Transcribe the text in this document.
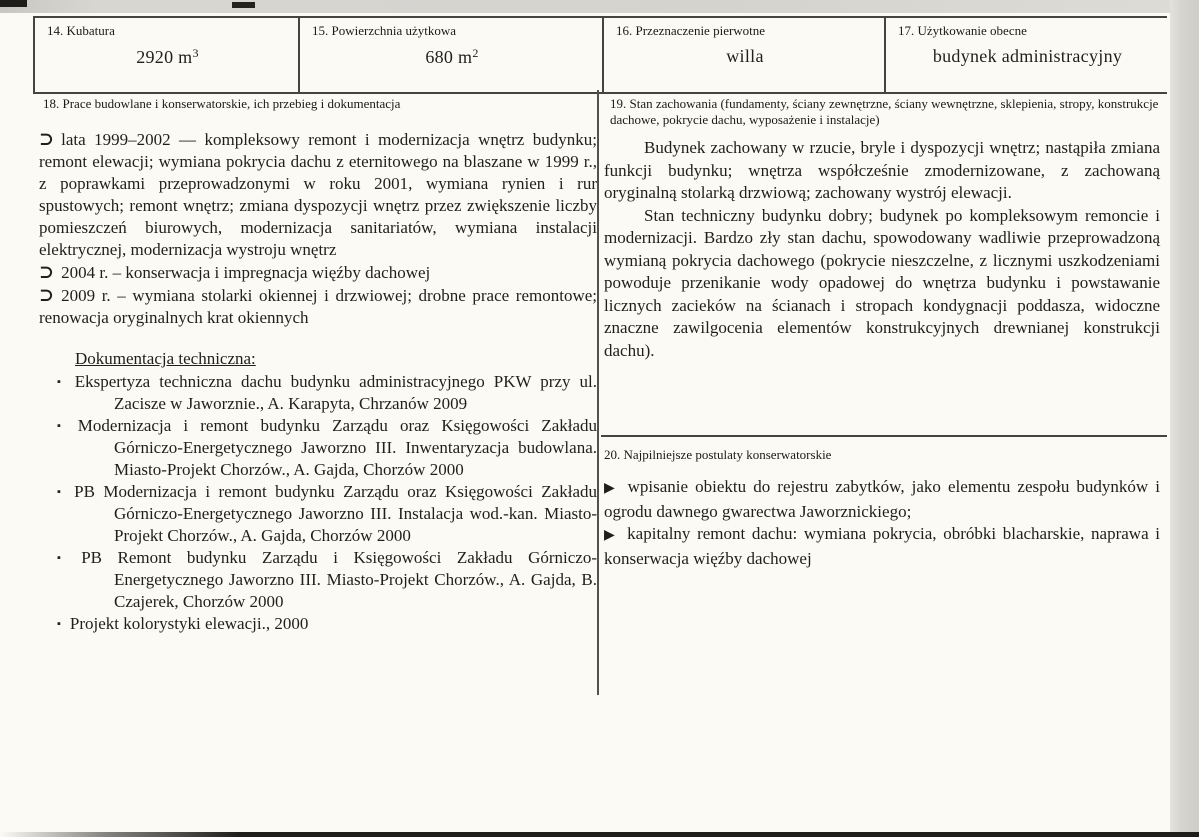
14. Kubatura
2920 $m^3$
15. Powierzchnia użytkowa
680 $m^2$
16. Przeznaczenie pierwotne
willa
17. Użytkowanie obecne
budynek administracyjny
18. Prace budowlane i konserwatorskie, ich przebieg i dokumentacja

⊃ lata 1999–2002 — kompleksowy remont i modernizacja wnętrz budynku; remont elewacji; wymiana pokrycia dachu z eternitowego na blaszane w 1999 r., z poprawkami przeprowadzonymi w roku 2001, wymiana rynien i rur spustowych; remont wnętrz; zmiana dyspozycji wnętrz przez zwiększenie liczby pomieszczeń biurowych, modernizacja sanitariatów, wymiana instalacji elektrycznej, modernizacja wystroju wnętrz

⊃ 2004 r. – konserwacja i impregnacja więźby dachowej

⊃ 2009 r. – wymiana stolarki okiennej i drzwiowej; drobne prace remontowe; renowacja oryginalnych krat okiennych

Dokumentacja techniczna:
▪ Ekspertyza techniczna dachu budynku administracyjnego PKW przy ul. Zacisze w Jaworznie., A. Karapyta, Chrzanów 2009
▪ Modernizacja i remont budynku Zarządu oraz Księgowości Zakładu Górniczo-Energetycznego Jaworzno III. Inwentaryzacja budowlana. Miasto-Projekt Chorzów., A. Gajda, Chorzów 2000
▪ PB Modernizacja i remont budynku Zarządu oraz Księgowości Zakładu Górniczo-Energetycznego Jaworzno III. Instalacja wod.-kan. Miasto-Projekt Chorzów., A. Gajda, Chorzów 2000
▪ PB Remont budynku Zarządu i Księgowości Zakładu Górniczo-Energetycznego Jaworzno III. Miasto-Projekt Chorzów., A. Gajda, B. Czajerek, Chorzów 2000
▪ Projekt kolorystyki elewacji., 2000
19. Stan zachowania (fundamenty, ściany zewnętrzne, ściany wewnętrzne, sklepienia, stropy, konstrukcje dachowe, pokrycie dachu, wyposażenie i instalacje)

Budynek zachowany w rzucie, bryle i dyspozycji wnętrz; nastąpiła zmiana funkcji budynku; wnętrza współcześnie zmodernizowane, z zachowaną oryginalną stolarką drzwiową; zachowany wystrój elewacji.

Stan techniczny budynku dobry; budynek po kompleksowym remoncie i modernizacji. Bardzo zły stan dachu, spowodowany wadliwie przeprowadzoną wymianą pokrycia dachowego (pokrycie nieszczelne, z licznymi uszkodzeniami powoduje przenikanie wody opadowej do wnętrza budynku i powstawanie licznych zacieków na ścianach i stropach kondygnacji poddasza, widoczne znaczne zawilgocenia elementów konstrukcyjnych drewnianej konstrukcji dachu).

20. Najpilniejsze postulaty konserwatorskie

▶ wpisanie obiektu do rejestru zabytków, jako elementu zespołu budynków i ogrodu dawnego gwarectwa Jaworznickiego;

▶ kapitalny remont dachu: wymiana pokrycia, obróbki blacharskie, naprawa i konserwacja więźby dachowej
